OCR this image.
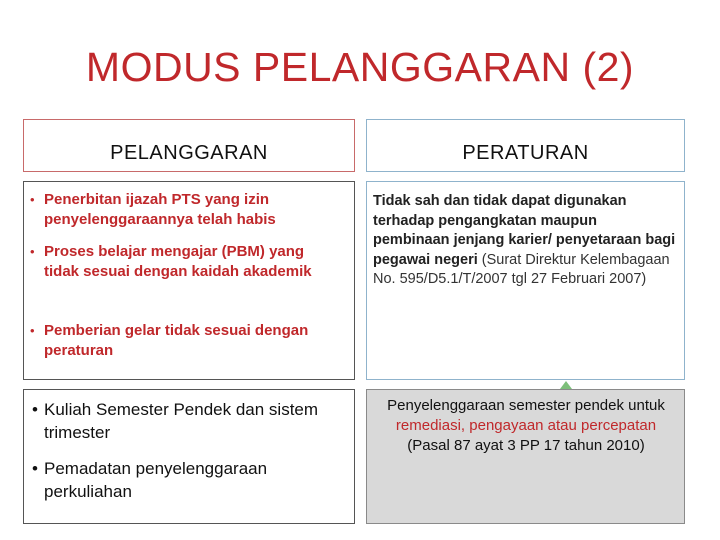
MODUS PELANGGARAN (2)
PELANGGARAN	PERATURAN
• Penerbitan ijazah PTS yang izin penyelenggaraannya telah habis
• Proses belajar mengajar (PBM) yang tidak sesuai dengan kaidah akademik
• Pemberian gelar tidak sesuai dengan peraturan
Tidak sah dan tidak dapat digunakan terhadap pengangkatan maupun pembinaan jenjang karier/ penyetaraan bagi pegawai negeri (Surat Direktur Kelembagaan No. 595/D5.1/T/2007 tgl 27 Februari 2007)
• Kuliah Semester Pendek dan sistem trimester
• Pemadatan penyelenggaraan perkuliahan
Penyelenggaraan semester pendek untuk remediasi, pengayaan atau percepatan (Pasal 87 ayat 3 PP 17 tahun 2010)
